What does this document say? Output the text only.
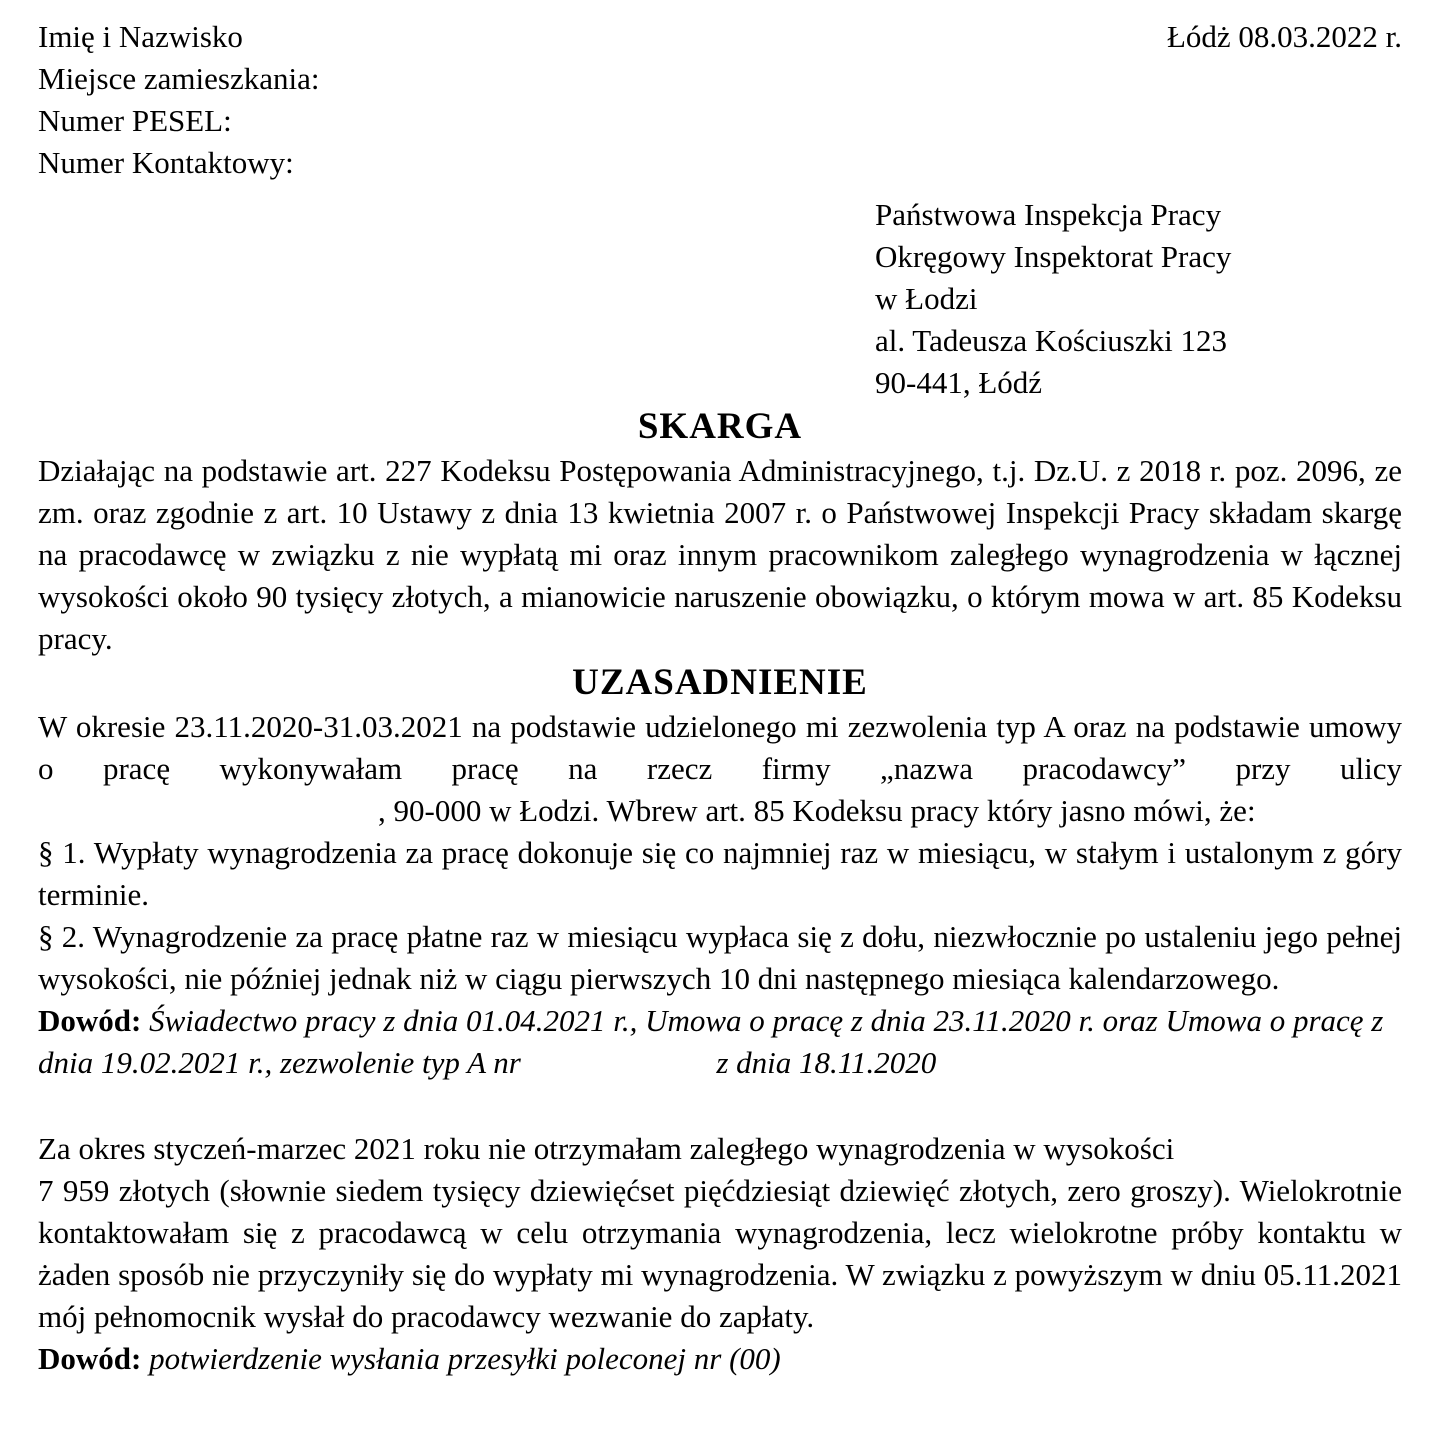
Imię i Nazwisko
Miejsce zamieszkania:
Numer PESEL:
Numer Kontaktowy:
Łódż 08.03.2022 r.
Państwowa Inspekcja Pracy
Okręgowy Inspektorat Pracy
w Łodzi
al. Tadeusza Kościuszki 123
90-441, Łódź
SKARGA
Działając na podstawie art. 227 Kodeksu Postępowania Administracyjnego, t.j. Dz.U. z 2018 r. poz. 2096, ze zm. oraz zgodnie z art. 10 Ustawy z dnia 13 kwietnia 2007 r. o Państwowej Inspekcji Pracy składam skargę na pracodawcę w związku z nie wypłatą mi oraz innym pracownikom zaległego wynagrodzenia w łącznej wysokości około 90 tysięcy złotych, a mianowicie naruszenie obowiązku, o którym mowa w art. 85 Kodeksu pracy.
UZASADNIENIE
W okresie 23.11.2020-31.03.2021 na podstawie udzielonego mi zezwolenia typ A oraz na podstawie umowy o pracę wykonywałam pracę na rzecz firmy „nazwa pracodawcy” przy ulicy
, 90-000 w Łodzi. Wbrew art. 85 Kodeksu pracy który jasno mówi, że:
§ 1. Wypłaty wynagrodzenia za pracę dokonuje się co najmniej raz w miesiącu, w stałym i ustalonym z góry terminie.
§ 2. Wynagrodzenie za pracę płatne raz w miesiącu wypłaca się z dołu, niezwłocznie po ustaleniu jego pełnej wysokości, nie później jednak niż w ciągu pierwszych 10 dni następnego miesiąca kalendarzowego.
Dowód: Świadectwo pracy z dnia 01.04.2021 r., Umowa o pracę z dnia 23.11.2020 r. oraz Umowa o pracę z dnia 19.02.2021 r., zezwolenie typ A nr	z dnia 18.11.2020
Za okres styczeń-marzec 2021 roku nie otrzymałam zaległego wynagrodzenia w wysokości
7 959 złotych (słownie siedem tysięcy dziewięćset pięćdziesiąt dziewięć złotych, zero groszy). Wielokrotnie kontaktowałam się z pracodawcą w celu otrzymania wynagrodzenia, lecz wielokrotne próby kontaktu w żaden sposób nie przyczyniły się do wypłaty mi wynagrodzenia. W związku z powyższym w dniu 05.11.2021 mój pełnomocnik wysłał do pracodawcy wezwanie do zapłaty.
Dowód: potwierdzenie wysłania przesyłki poleconej nr (00)
